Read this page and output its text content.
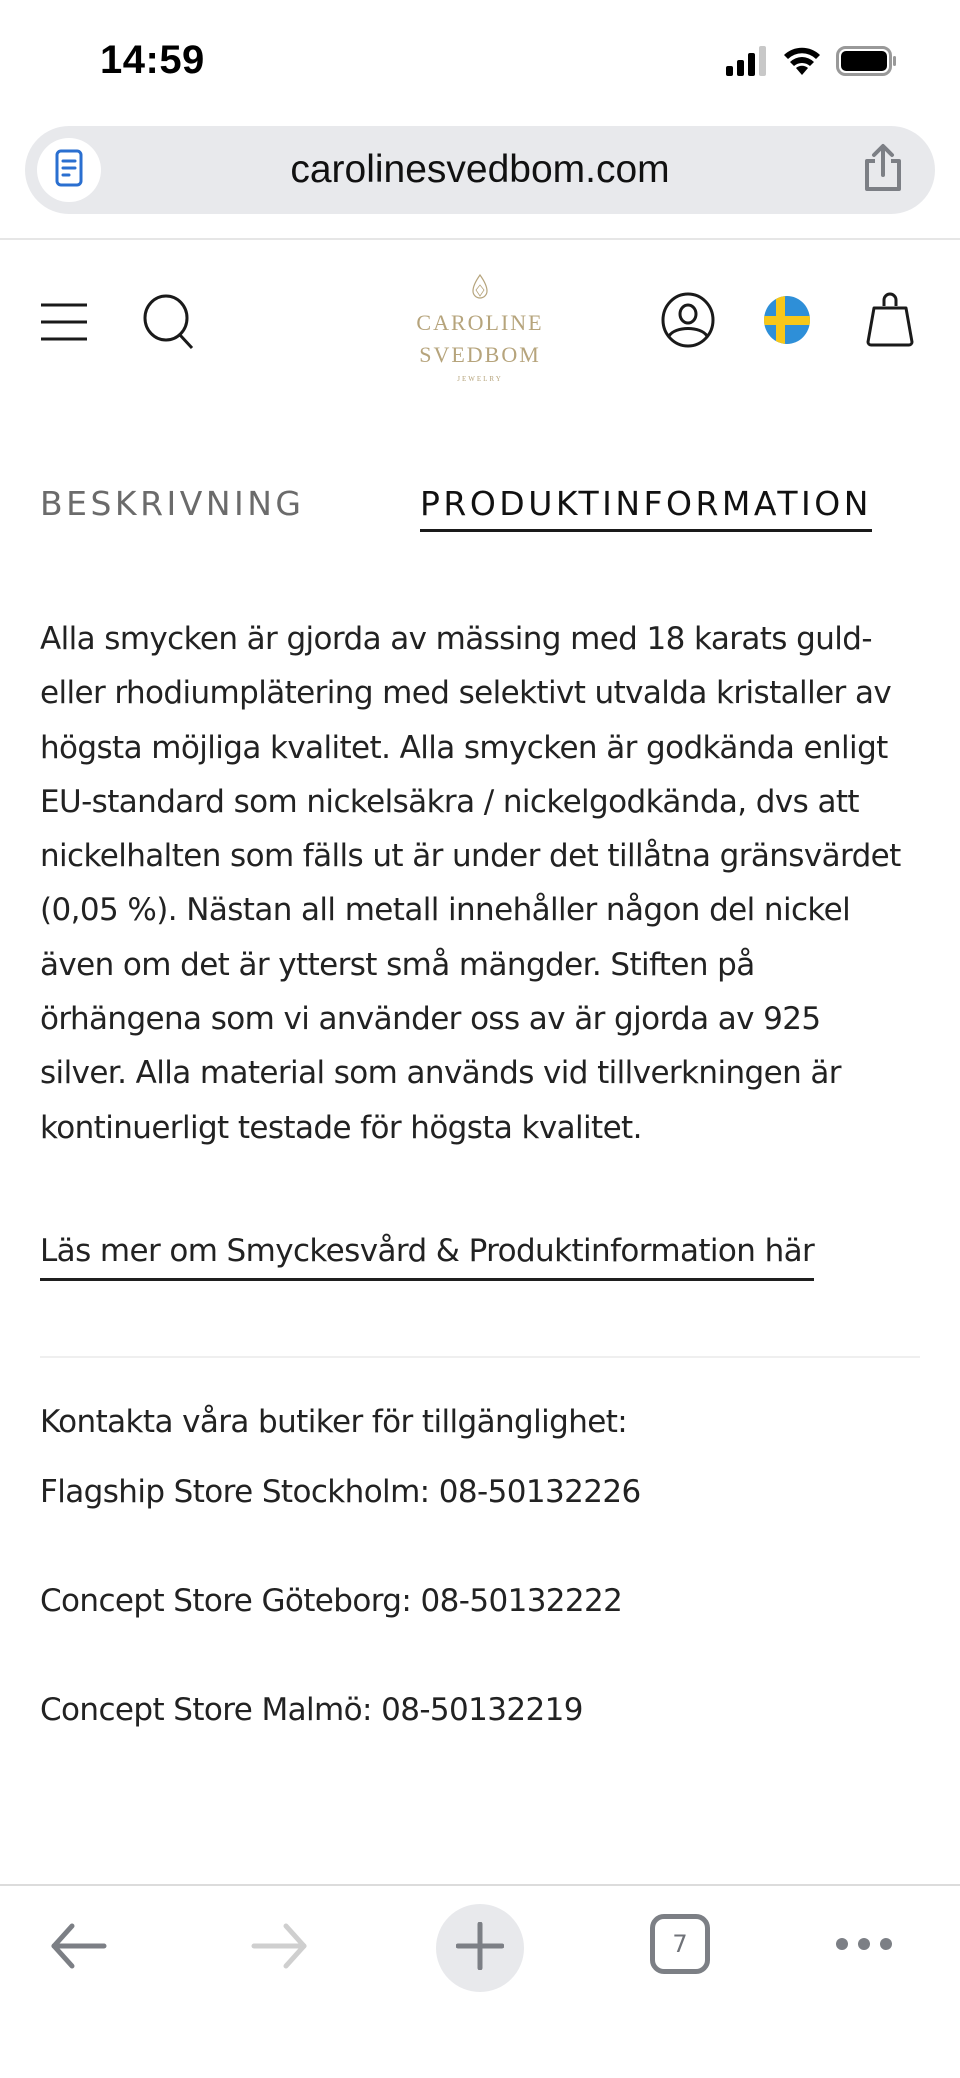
14:59
carolinesvedbom.com
CAROLINE
SVEDBOM
JEWELRY
BESKRIVNING	PRODUKTINFORMATION

Alla smycken är gjorda av mässing med 18 karats guld- eller rhodiumplätering med selektivt utvalda kristaller av högsta möjliga kvalitet. Alla smycken är godkända enligt EU-standard som nickelsäkra / nickelgodkända, dvs att nickelhalten som fälls ut är under det tillåtna gränsvärdet (0,05 %). Nästan all metall innehåller någon del nickel även om det är ytterst små mängder. Stiften på örhängena som vi använder oss av är gjorda av 925 silver. Alla material som används vid tillverkningen är kontinuerligt testade för högsta kvalitet.

Läs mer om Smyckesvård & Produktinformation här
Kontakta våra butiker för tillgänglighet:
Flagship Store Stockholm: 08-50132226
Concept Store Göteborg: 08-50132222
Concept Store Malmö: 08-50132219
7
